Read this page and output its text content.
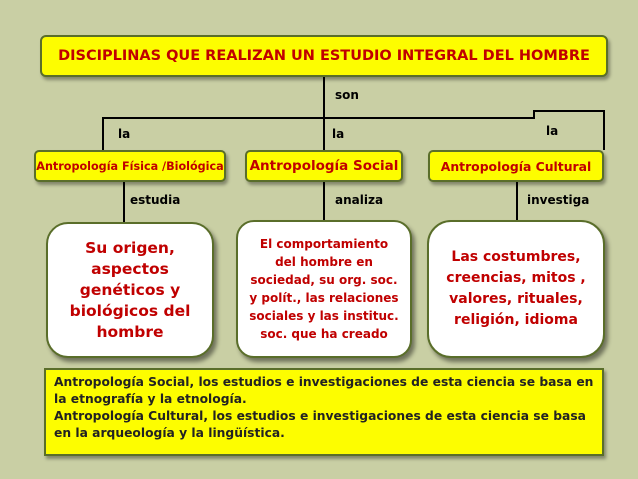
DISCIPLINAS QUE REALIZAN UN ESTUDIO INTEGRAL DEL HOMBRE
son
la	la	la
Antropología Física /Biológica Antropología Social	Antropología Cultural
estudia	analiza	investiga
Su origen,
aspectos
genéticos y
biológicos del
hombre
El comportamiento
del hombre en
sociedad, su org. soc.
y polít., las relaciones
sociales y las instituc.
soc. que ha creado
Las costumbres,
creencias, mitos ,
valores, rituales,
religión, idioma
Antropología Social, los estudios e investigaciones de esta ciencia se basa en la etnografía y la etnología.
Antropología Cultural, los estudios e investigaciones de esta ciencia se basa en la arqueología y la lingüística.
